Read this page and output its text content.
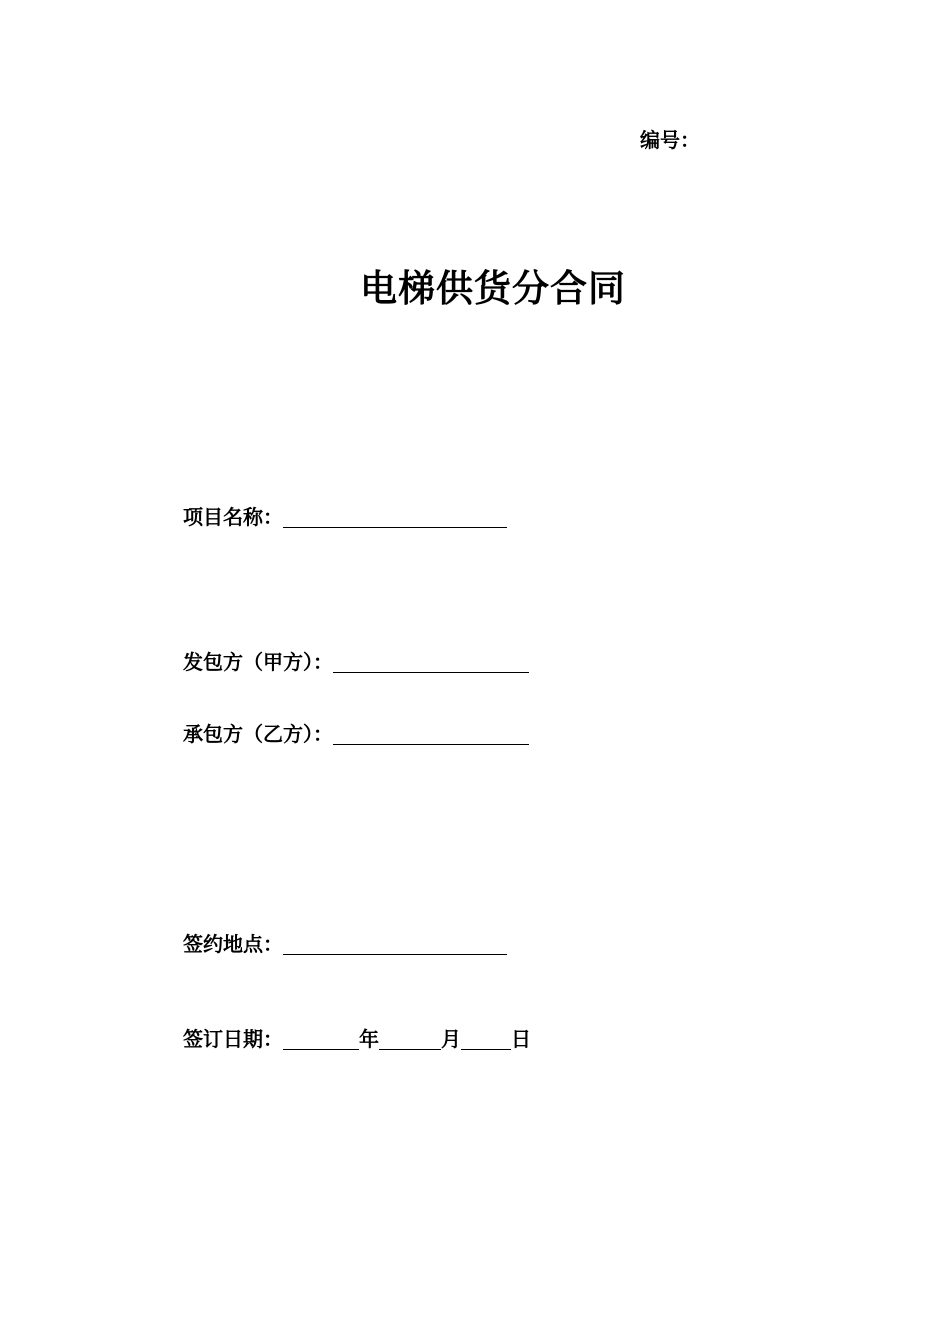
编号：
电梯供货分合同
项目名称：
发包方（甲方）：
承包方（乙方）：
签约地点：
签订日期：	年	月	日
